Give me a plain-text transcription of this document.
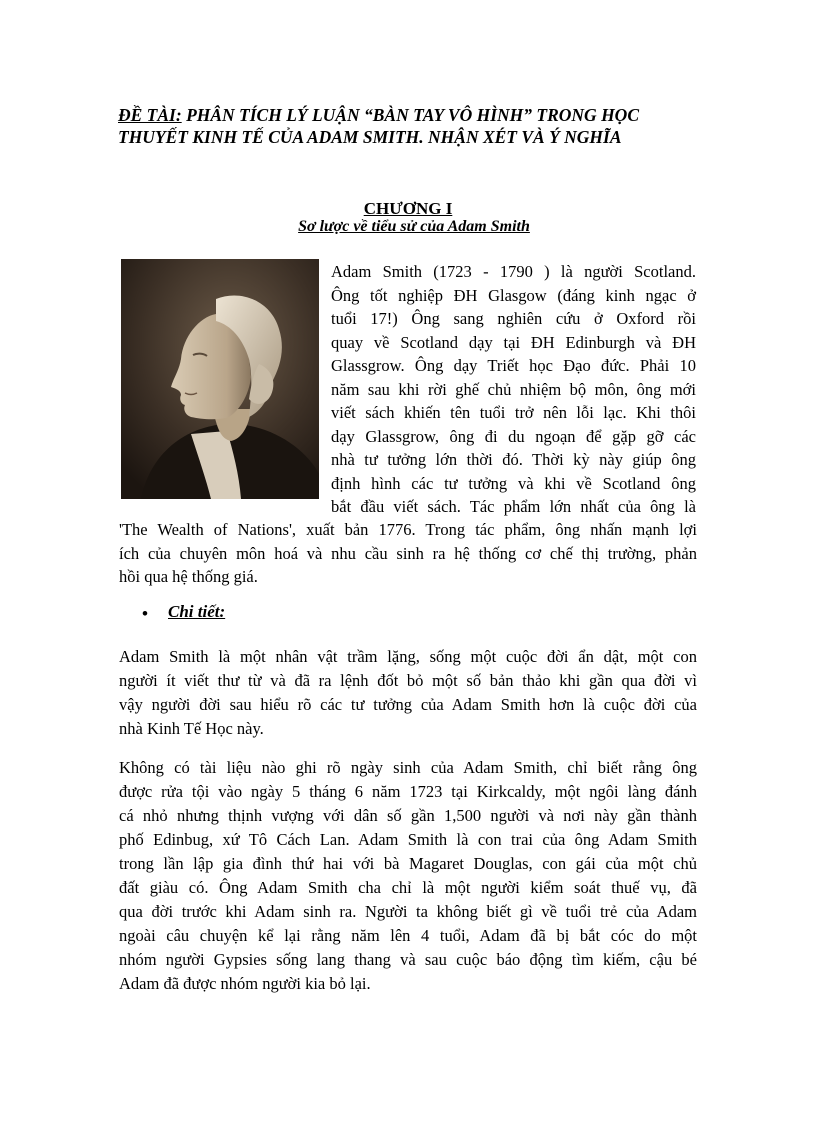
ĐỀ TÀI: PHÂN TÍCH LÝ LUẬN “BÀN TAY VÔ HÌNH” TRONG HỌC
THUYẾT KINH TẾ CỦA ADAM SMITH. NHẬN XÉT VÀ Ý NGHĨA
CHƯƠNG I
Sơ lược về tiểu sử của Adam Smith
Adam Smith (1723 - 1790 ) là người Scotland.
Ông tốt nghiệp ĐH Glasgow (đáng kinh ngạc ở
tuổi 17!) Ông sang nghiên cứu ở Oxford rồi
quay về Scotland dạy tại ĐH Edinburgh và ĐH
Glassgrow. Ông dạy Triết học Đạo đức. Phải 10
năm sau khi rời ghế chủ nhiệm bộ môn, ông mới
viết sách khiến tên tuổi trở nên lỗi lạc. Khi thôi
dạy Glassgrow, ông đi du ngoạn để gặp gỡ các
nhà tư tưởng lớn thời đó. Thời kỳ này giúp ông
định hình các tư tưởng và khi về Scotland ông
bắt đầu viết sách. Tác phẩm lớn nhất của ông là
'The Wealth of Nations', xuất bản 1776. Trong tác phẩm, ông nhấn mạnh lợi
ích của chuyên môn hoá và nhu cầu sinh ra hệ thống cơ chế thị trường, phản
hồi qua hệ thống giá.
• Chi tiết:
Adam Smith là một nhân vật trầm lặng, sống một cuộc đời ẩn dật, một con
người ít viết thư từ và đã ra lệnh đốt bỏ một số bản thảo khi gần qua đời vì
vậy người đời sau hiểu rõ các tư tưởng của Adam Smith hơn là cuộc đời của
nhà Kinh Tế Học này.
Không có tài liệu nào ghi rõ ngày sinh của Adam Smith, chỉ biết rằng ông
được rửa tội vào ngày 5 tháng 6 năm 1723 tại Kirkcaldy, một ngôi làng đánh
cá nhỏ nhưng thịnh vượng với dân số gần 1,500 người và nơi này gần thành
phố Edinbug, xứ Tô Cách Lan. Adam Smith là con trai của ông Adam Smith
trong lần lập gia đình thứ hai với bà Magaret Douglas, con gái của một chủ
đất giàu có. Ông Adam Smith cha chỉ là một người kiểm soát thuế vụ, đã
qua đời trước khi Adam sinh ra. Người ta không biết gì về tuổi trẻ của Adam
ngoài câu chuyện kể lại rằng năm lên 4 tuổi, Adam đã bị bắt cóc do một
nhóm người Gypsies sống lang thang và sau cuộc báo động tìm kiếm, cậu bé
Adam đã được nhóm người kia bỏ lại.
